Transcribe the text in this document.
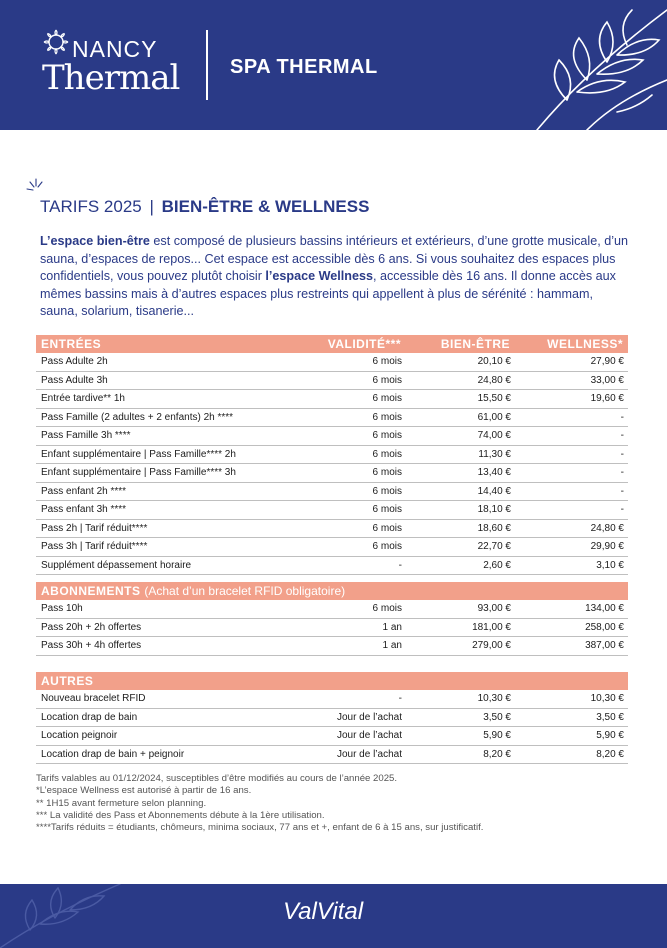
NANCY
Thermal	SPA THERMAL
TARIFS 2025 | BIEN-ÊTRE & WELLNESS
L’espace bien-être est composé de plusieurs bassins intérieurs et extérieurs, d’une grotte musicale, d’un sauna, d’espaces de repos... Cet espace est accessible dès 6 ans. Si vous souhaitez des espaces plus confidentiels, vous pouvez plutôt choisir l’espace Wellness, accessible dès 16 ans. Il donne accès aux mêmes bassins mais à d’autres espaces plus restreints qui appellent à plus de sérénité : hammam, sauna, solarium, tisanerie...
ENTRÉES	VALIDITÉ***	BIEN-ÊTRE	WELLNESS*
Pass Adulte 2h	6 mois	20,10 €	27,90 €
Pass Adulte 3h	6 mois	24,80 €	33,00 €
Entrée tardive** 1h	6 mois	15,50 €	19,60 €
Pass Famille (2 adultes + 2 enfants) 2h ****	6 mois	61,00 €	-
Pass Famille 3h ****	6 mois	74,00 €	-
Enfant supplémentaire | Pass Famille**** 2h	6 mois	11,30 €	-
Enfant supplémentaire | Pass Famille**** 3h	6 mois	13,40 €	-
Pass enfant 2h ****	6 mois	14,40 €	-
Pass enfant 3h ****	6 mois	18,10 €	-
Pass 2h | Tarif réduit****	6 mois	18,60 €	24,80 €
Pass 3h | Tarif réduit****	6 mois	22,70 €	29,90 €
Supplément dépassement horaire	-	2,60 €	3,10 €
ABONNEMENTS (Achat d’un bracelet RFID obligatoire)			
Pass 10h	6 mois	93,00 €	134,00 €
Pass 20h + 2h offertes	1 an	181,00 €	258,00 €
Pass 30h + 4h offertes	1 an	279,00 €	387,00 €
AUTRES			
Nouveau bracelet RFID	-	10,30 €	10,30 €
Location drap de bain	Jour de l’achat	3,50 €	3,50 €
Location peignoir	Jour de l’achat	5,90 €	5,90 €
Location drap de bain + peignoir	Jour de l’achat	8,20 €	8,20 €
Tarifs valables au 01/12/2024, susceptibles d’être modifiés au cours de l’année 2025.
*L’espace Wellness est autorisé à partir de 16 ans.
** 1H15 avant fermeture selon planning.
*** La validité des Pass et Abonnements débute à la 1ère utilisation.
****Tarifs réduits = étudiants, chômeurs, minima sociaux, 77 ans et +, enfant de 6 à 15 ans, sur justificatif.
ValVital
